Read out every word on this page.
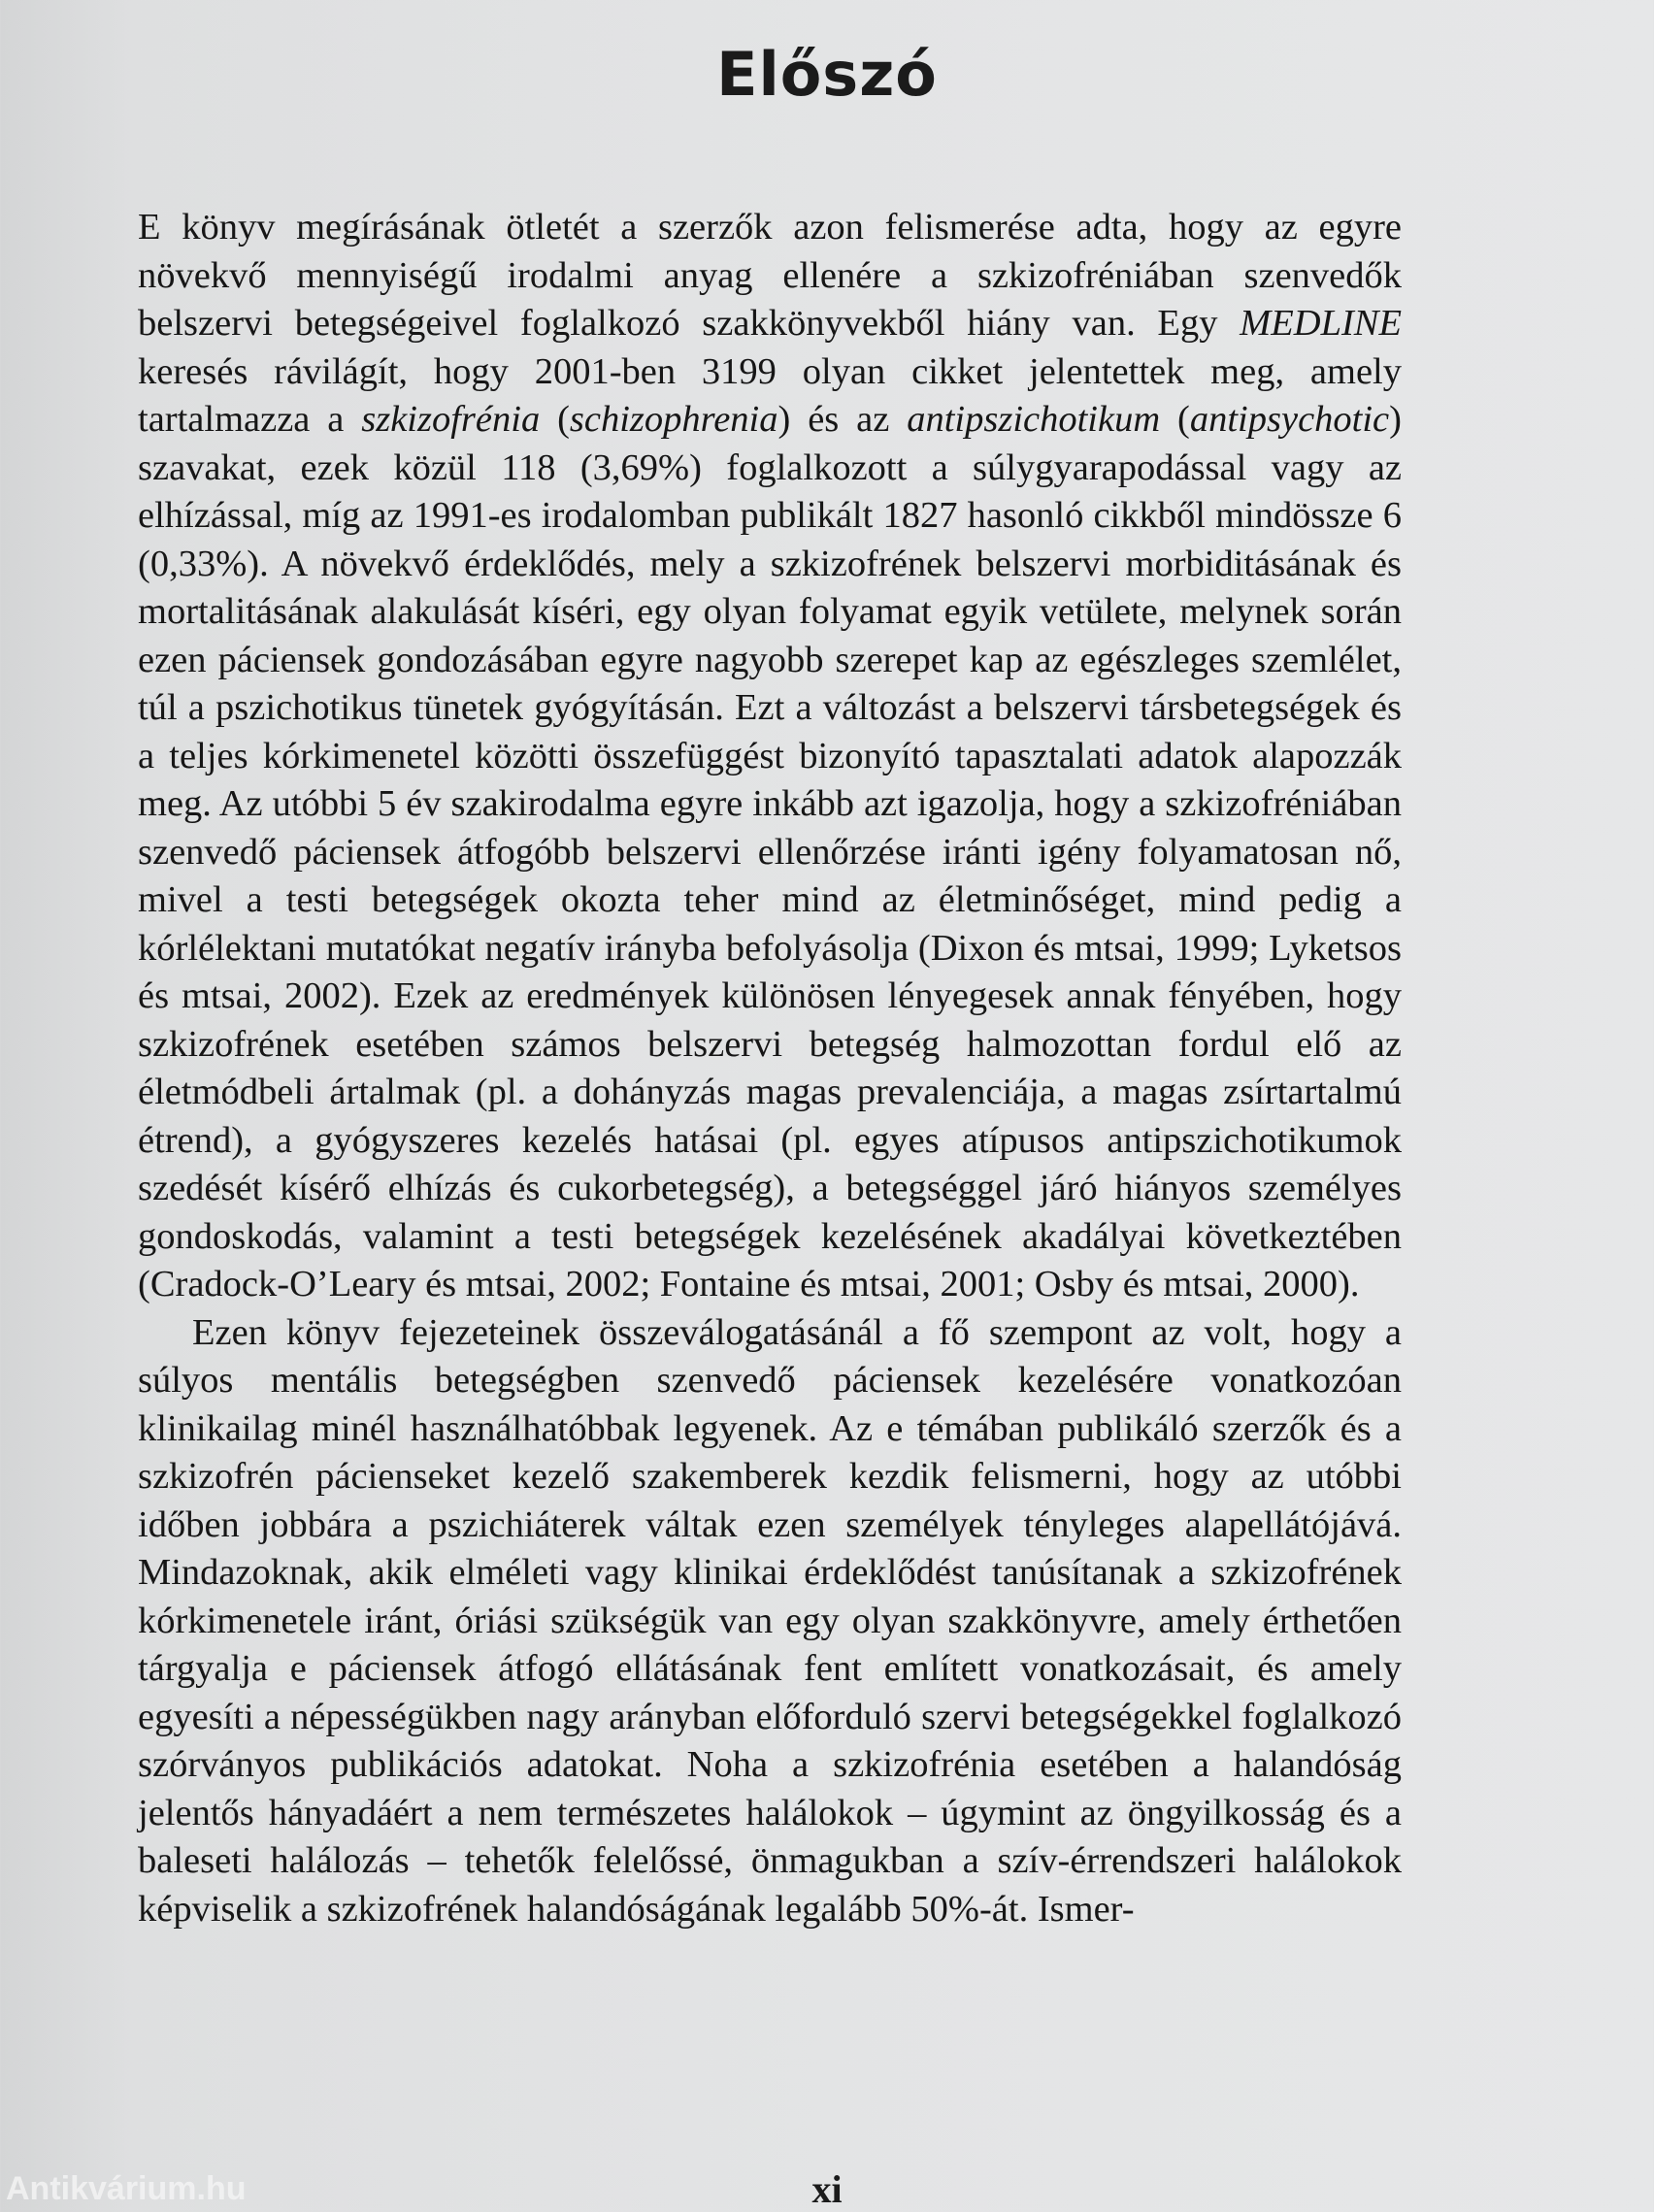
Előszó

E könyv megírásának ötletét a szerzők azon felismerése adta, hogy az egyre növekvő mennyiségű irodalmi anyag ellenére a szkizofréniában szenvedők belszervi betegségeivel foglalkozó szakkönyvekből hiány van. Egy MEDLINE keresés rávilágít, hogy 2001-ben 3199 olyan cikket jelentettek meg, amely tartalmazza a szkizofrénia (schizophrenia) és az antipszichotikum (antipsychotic) szavakat, ezek közül 118 (3,69%) foglalkozott a súlygyarapodással vagy az elhízással, míg az 1991-es irodalomban publikált 1827 hasonló cikkből mindössze 6 (0,33%). A növekvő érdeklődés, mely a szkizofrének belszervi morbiditásának és mortalitásának alakulását kíséri, egy olyan folyamat egyik vetülete, melynek során ezen páciensek gondozásában egyre nagyobb szerepet kap az egészleges szemlélet, túl a pszichotikus tünetek gyógyításán. Ezt a változást a belszervi társbetegségek és a teljes kórkimenetel közötti összefüggést bizonyító tapasztalati adatok alapozzák meg. Az utóbbi 5 év szakirodalma egyre inkább azt igazolja, hogy a szkizofréniában szenvedő páciensek átfogóbb belszervi ellenőrzése iránti igény folyamatosan nő, mivel a testi betegségek okozta teher mind az életminőséget, mind pedig a kórlélektani mutatókat negatív irányba befolyásolja (Dixon és mtsai, 1999; Lyketsos és mtsai, 2002). Ezek az eredmények különösen lényegesek annak fényében, hogy szkizofrének esetében számos belszervi betegség halmozottan fordul elő az életmódbeli ártalmak (pl. a dohányzás magas prevalenciája, a magas zsírtartalmú étrend), a gyógyszeres kezelés hatásai (pl. egyes atípusos antipszichotikumok szedését kísérő elhízás és cukorbetegség), a betegséggel járó hiányos személyes gondoskodás, valamint a testi betegségek kezelésének akadályai következtében (Cradock-O’Leary és mtsai, 2002; Fontaine és mtsai, 2001; Osby és mtsai, 2000).

Ezen könyv fejezeteinek összeválogatásánál a fő szempont az volt, hogy a súlyos mentális betegségben szenvedő páciensek kezelésére vonatkozóan klinikailag minél használhatóbbak legyenek. Az e témában publikáló szerzők és a szkizofrén pácienseket kezelő szakemberek kezdik felismerni, hogy az utóbbi időben jobbára a pszichiáterek váltak ezen személyek tényleges alapellátójává. Mindazoknak, akik elméleti vagy klinikai érdeklődést tanúsítanak a szkizofrének kórkimenetele iránt, óriási szükségük van egy olyan szakkönyvre, amely érthetően tárgyalja e páciensek átfogó ellátásának fent említett vonatkozásait, és amely egyesíti a népességükben nagy arányban előforduló szervi betegségekkel foglalkozó szórványos publikációs adatokat. Noha a szkizofrénia esetében a halandóság jelentős hányadáért a nem természetes halálokok – úgymint az öngyilkosság és a baleseti halálozás – tehetők felelőssé, önmagukban a szív-érrendszeri halálokok képviselik a szkizofrének halandóságának legalább 50%-át. Ismer-

xi
Antikvárium.hu
